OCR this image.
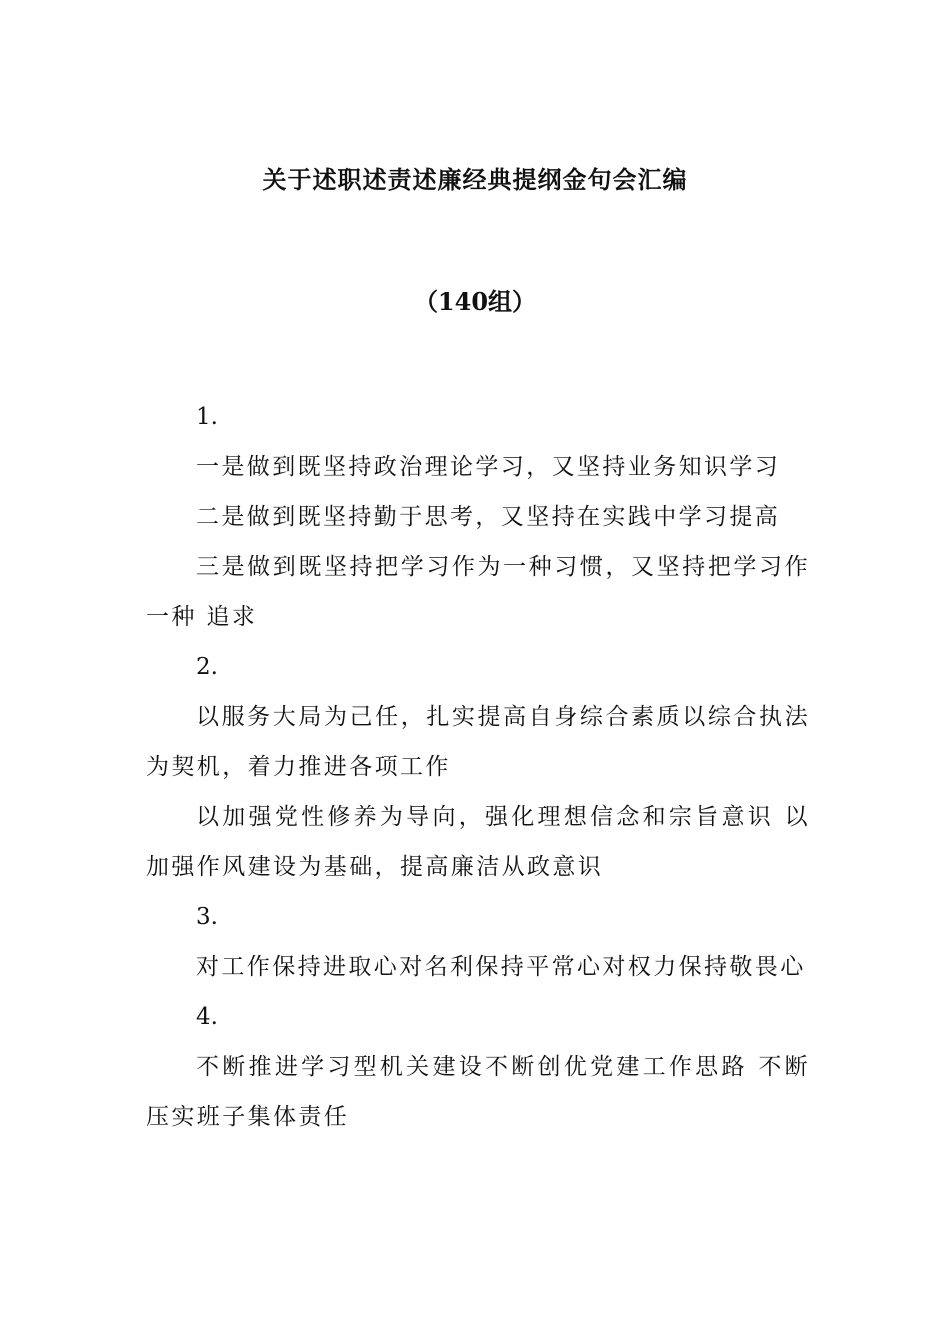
关于述职述责述廉经典提纲金句会汇编
（140组）

1.

一是做到既坚持政治理论学习，又坚持业务知识学习

二是做到既坚持勤于思考，又坚持在实践中学习提高

三是做到既坚持把学习作为一种习惯，又坚持把学习作一种 追求

2.

以服务大局为己任，扎实提高自身综合素质以综合执法为契机，着力推进各项工作

以加强党性修养为导向，强化理想信念和宗旨意识 以加强作风建设为基础，提高廉洁从政意识

3.

对工作保持进取心对名利保持平常心对权力保持敬畏心

4.

不断推进学习型机关建设不断创优党建工作思路 不断压实班子集体责任
